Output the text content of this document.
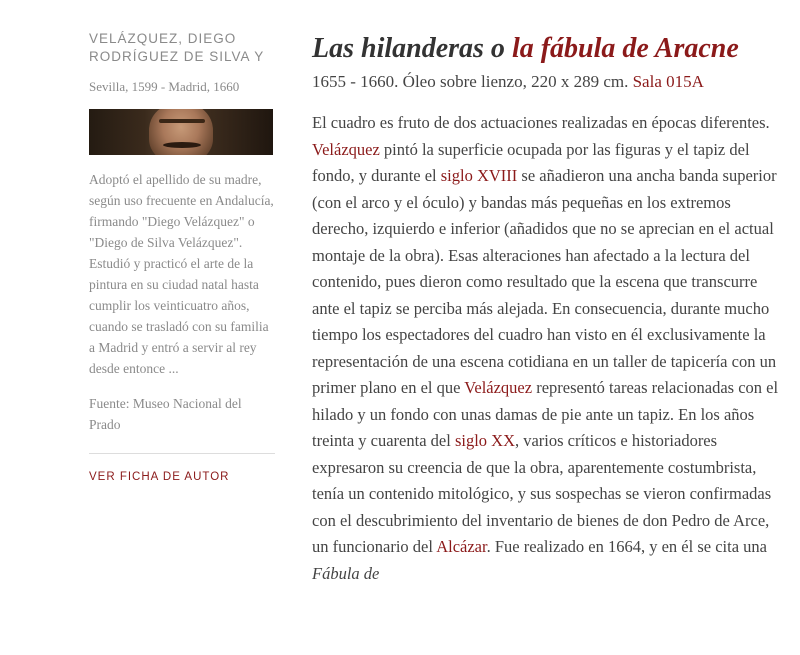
VELÁZQUEZ, DIEGO
RODRÍGUEZ DE SILVA Y
Sevilla, 1599 - Madrid, 1660
Adoptó el apellido de su madre, según uso frecuente en Andalucía, firmando "Diego Velázquez" o "Diego de Silva Velázquez". Estudió y practicó el arte de la pintura en su ciudad natal hasta cumplir los veinticuatro años, cuando se trasladó con su familia a Madrid y entró a servir al rey desde entonce ...
Fuente: Museo Nacional del Prado
VER FICHA DE AUTOR
Las hilanderas o la fábula de Aracne
1655 - 1660. Óleo sobre lienzo, 220 x 289 cm. Sala 015A

El cuadro es fruto de dos actuaciones realizadas en épocas diferentes. Velázquez pintó la superficie ocupada por las figuras y el tapiz del fondo, y durante el siglo XVIII se añadieron una ancha banda superior (con el arco y el óculo) y bandas más pequeñas en los extremos derecho, izquierdo e inferior (añadidos que no se aprecian en el actual montaje de la obra). Esas alteraciones han afectado a la lectura del contenido, pues dieron como resultado que la escena que transcurre ante el tapiz se perciba más alejada. En consecuencia, durante mucho tiempo los espectadores del cuadro han visto en él exclusivamente la representación de una escena cotidiana en un taller de tapicería con un primer plano en el que Velázquez representó tareas relacionadas con el hilado y un fondo con unas damas de pie ante un tapiz. En los años treinta y cuarenta del siglo XX, varios críticos e historiadores expresaron su creencia de que la obra, aparentemente costumbrista, tenía un contenido mitológico, y sus sospechas se vieron confirmadas con el descubrimiento del inventario de bienes de don Pedro de Arce, un funcionario del Alcázar. Fue realizado en 1664, y en él se cita una Fábula de
